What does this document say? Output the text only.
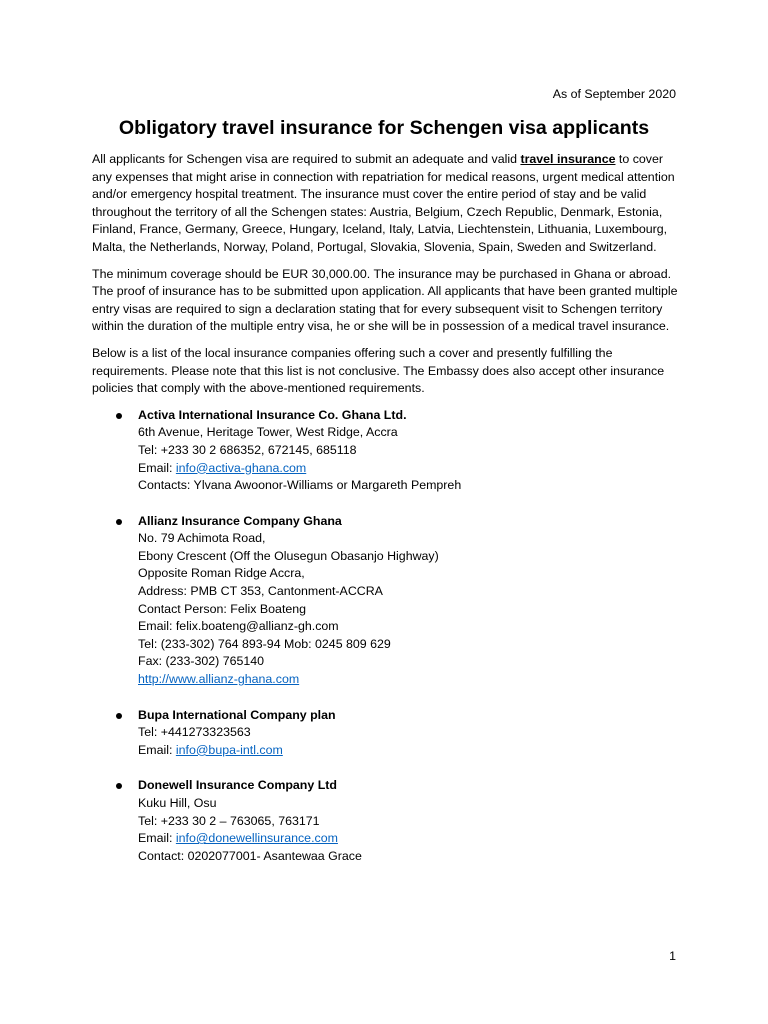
As of September 2020
Obligatory travel insurance for Schengen visa applicants

All applicants for Schengen visa are required to submit an adequate and valid travel insurance to cover any expenses that might arise in connection with repatriation for medical reasons, urgent medical attention and/or emergency hospital treatment. The insurance must cover the entire period of stay and be valid throughout the territory of all the Schengen states: Austria, Belgium, Czech Republic, Denmark, Estonia, Finland, France, Germany, Greece, Hungary, Iceland, Italy, Latvia, Liechtenstein, Lithuania, Luxembourg, Malta, the Netherlands, Norway, Poland, Portugal, Slovakia, Slovenia, Spain, Sweden and Switzerland.

The minimum coverage should be EUR 30,000.00. The insurance may be purchased in Ghana or abroad. The proof of insurance has to be submitted upon application. All applicants that have been granted multiple entry visas are required to sign a declaration stating that for every subsequent visit to Schengen territory within the duration of the multiple entry visa, he or she will be in possession of a medical travel insurance.

Below is a list of the local insurance companies offering such a cover and presently fulfilling the requirements. Please note that this list is not conclusive. The Embassy does also accept other insurance policies that comply with the above-mentioned requirements.

Activa International Insurance Co. Ghana Ltd.
6th Avenue, Heritage Tower, West Ridge, Accra
Tel: +233 30 2 686352, 672145, 685118
Email: info@activa-ghana.com
Contacts: Ylvana Awoonor-Williams or Margareth Pempreh
Allianz Insurance Company Ghana
No. 79 Achimota Road,
Ebony Crescent (Off the Olusegun Obasanjo Highway)
Opposite Roman Ridge Accra,
Address: PMB CT 353, Cantonment-ACCRA
Contact Person: Felix Boateng
Email: felix.boateng@allianz-gh.com
Tel: (233-302) 764 893-94 Mob: 0245 809 629
Fax: (233-302) 765140
http://www.allianz-ghana.com
Bupa International Company plan
Tel: +441273323563
Email: info@bupa-intl.com
Donewell Insurance Company Ltd
Kuku Hill, Osu
Tel: +233 30 2 – 763065, 763171
Email: info@donewellinsurance.com
Contact: 0202077001- Asantewaa Grace
1
